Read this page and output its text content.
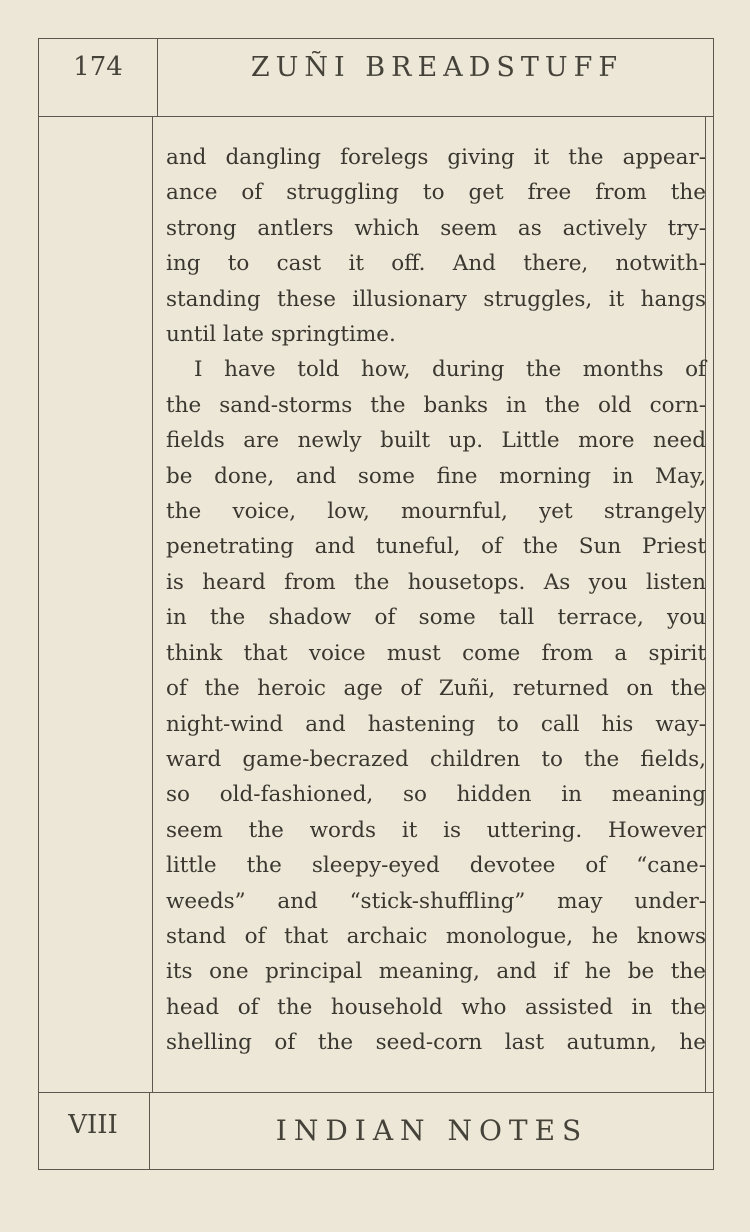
174	ZUÑI BREADSTUFF
and dangling forelegs giving it the appear-
ance of struggling to get free from the
strong antlers which seem as actively try-
ing to cast it off. And there, notwith-
standing these illusionary struggles, it hangs
until late springtime.
I have told how, during the months of
the sand-storms the banks in the old corn-
fields are newly built up. Little more need
be done, and some fine morning in May,
the voice, low, mournful, yet strangely
penetrating and tuneful, of the Sun Priest
is heard from the housetops. As you listen
in the shadow of some tall terrace, you
think that voice must come from a spirit
of the heroic age of Zuñi, returned on the
night-wind and hastening to call his way-
ward game-becrazed children to the fields,
so old-fashioned, so hidden in meaning
seem the words it is uttering. However
little the sleepy-eyed devotee of “cane-
weeds” and “stick-shuffling” may under-
stand of that archaic monologue, he knows
its one principal meaning, and if he be the
head of the household who assisted in the
shelling of the seed-corn last autumn, he
VIII	INDIAN NOTES
